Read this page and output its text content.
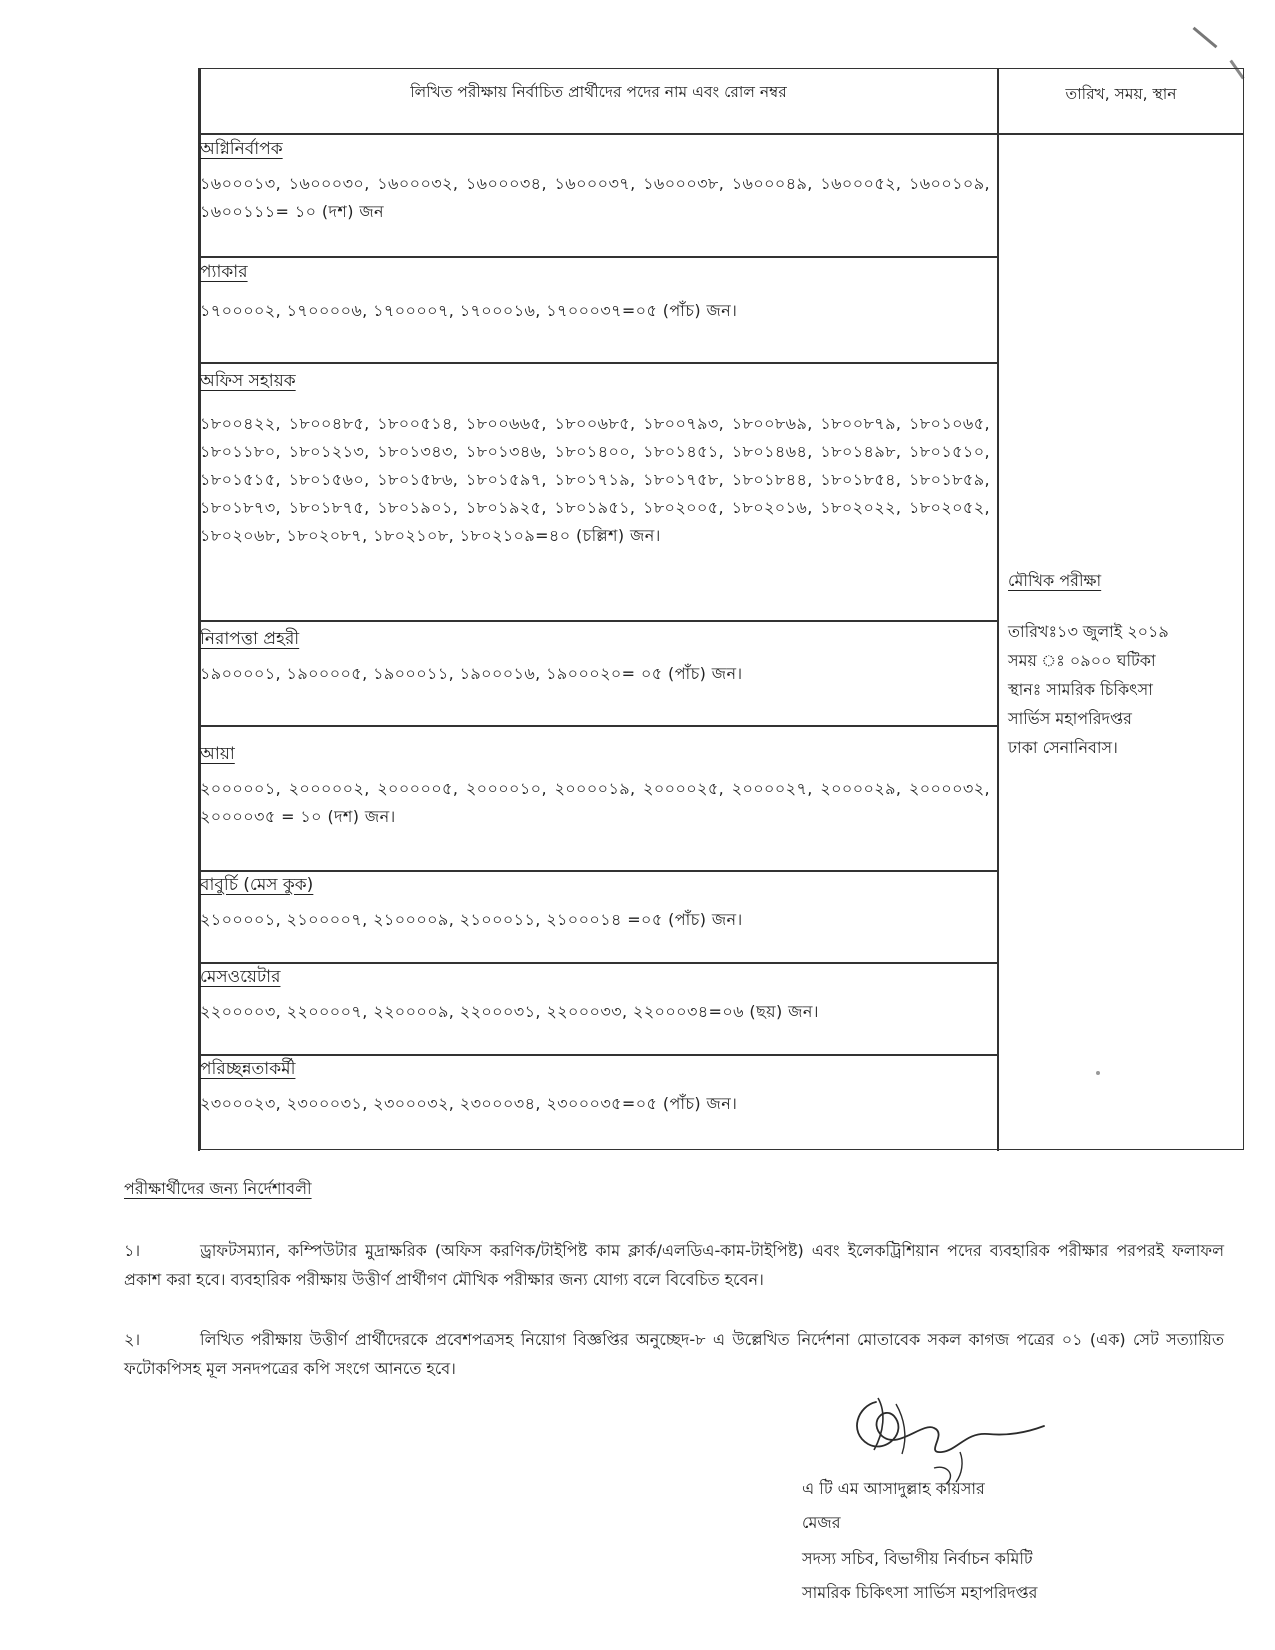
লিখিত পরীক্ষায় নির্বাচিত প্রার্থীদের পদের নাম এবং রোল নম্বর	তারিখ, সময়, স্থান
অগ্নিনির্বাপক
১৬০০০১৩, ১৬০০০৩০, ১৬০০০৩২, ১৬০০০৩৪, ১৬০০০৩৭, ১৬০০০৩৮, ১৬০০০৪৯, ১৬০০০৫২, ১৬০০১০৯, ১৬০০১১১= ১০ (দশ) জন
প্যাকার
১৭০০০০২, ১৭০০০০৬, ১৭০০০০৭, ১৭০০০১৬, ১৭০০০৩৭=০৫ (পাঁচ) জন।
অফিস সহায়ক
১৮০০৪২২, ১৮০০৪৮৫, ১৮০০৫১৪, ১৮০০৬৬৫, ১৮০০৬৮৫, ১৮০০৭৯৩, ১৮০০৮৬৯, ১৮০০৮৭৯, ১৮০১০৬৫, ১৮০১১৮০, ১৮০১২১৩, ১৮০১৩৪৩, ১৮০১৩৪৬, ১৮০১৪০০, ১৮০১৪৫১, ১৮০১৪৬৪, ১৮০১৪৯৮, ১৮০১৫১০, ১৮০১৫১৫, ১৮০১৫৬০, ১৮০১৫৮৬, ১৮০১৫৯৭, ১৮০১৭১৯, ১৮০১৭৫৮, ১৮০১৮৪৪, ১৮০১৮৫৪, ১৮০১৮৫৯, ১৮০১৮৭৩, ১৮০১৮৭৫, ১৮০১৯০১, ১৮০১৯২৫, ১৮০১৯৫১, ১৮০২০০৫, ১৮০২০১৬, ১৮০২০২২, ১৮০২০৫২, ১৮০২০৬৮, ১৮০২০৮৭, ১৮০২১০৮, ১৮০২১০৯=৪০ (চল্লিশ) জন।
নিরাপত্তা প্রহরী
১৯০০০০১, ১৯০০০০৫, ১৯০০০১১, ১৯০০০১৬, ১৯০০০২০= ০৫ (পাঁচ) জন।
আয়া
২০০০০০১, ২০০০০০২, ২০০০০০৫, ২০০০০১০, ২০০০০১৯, ২০০০০২৫, ২০০০০২৭, ২০০০০২৯, ২০০০০৩২, ২০০০০৩৫ = ১০ (দশ) জন।
বাবুর্চি (মেস কুক)
২১০০০০১, ২১০০০০৭, ২১০০০০৯, ২১০০০১১, ২১০০০১৪ =০৫ (পাঁচ) জন।
মেসওয়েটার
২২০০০০৩, ২২০০০০৭, ২২০০০০৯, ২২০০০৩১, ২২০০০৩৩, ২২০০০৩৪=০৬ (ছয়) জন।
পরিচ্ছন্নতাকর্মী
২৩০০০২৩, ২৩০০০৩১, ২৩০০০৩২, ২৩০০০৩৪, ২৩০০০৩৫=০৫ (পাঁচ) জন।
মৌখিক পরীক্ষা
তারিখঃ১৩ জুলাই ২০১৯
সময় ঃ ০৯০০ ঘটিকা
স্থানঃ সামরিক চিকিৎসা
সার্ভিস মহাপরিদপ্তর
ঢাকা সেনানিবাস।
পরীক্ষার্থীদের জন্য নির্দেশাবলী
১।	ড্রাফটসম্যান, কম্পিউটার মুদ্রাক্ষরিক (অফিস করণিক/টাইপিষ্ট কাম ক্লার্ক/এলডিএ-কাম-টাইপিষ্ট) এবং ইলেকট্রিশিয়ান পদের ব্যবহারিক পরীক্ষার পরপরই ফলাফল প্রকাশ করা হবে। ব্যবহারিক পরীক্ষায় উত্তীর্ণ প্রার্থীগণ মৌখিক পরীক্ষার জন্য যোগ্য বলে বিবেচিত হবেন।
২।	লিখিত পরীক্ষায় উত্তীর্ণ প্রার্থীদেরকে প্রবেশপত্রসহ নিয়োগ বিজ্ঞপ্তির অনুচ্ছেদ-৮ এ উল্লেখিত নির্দেশনা মোতাবেক সকল কাগজ পত্রের ০১ (এক) সেট সত্যায়িত ফটোকপিসহ মূল সনদপত্রের কপি সংগে আনতে হবে।
এ টি এম আসাদুল্লাহ কায়সার
মেজর
সদস্য সচিব, বিভাগীয় নির্বাচন কমিটি
সামরিক চিকিৎসা সার্ভিস মহাপরিদপ্তর
